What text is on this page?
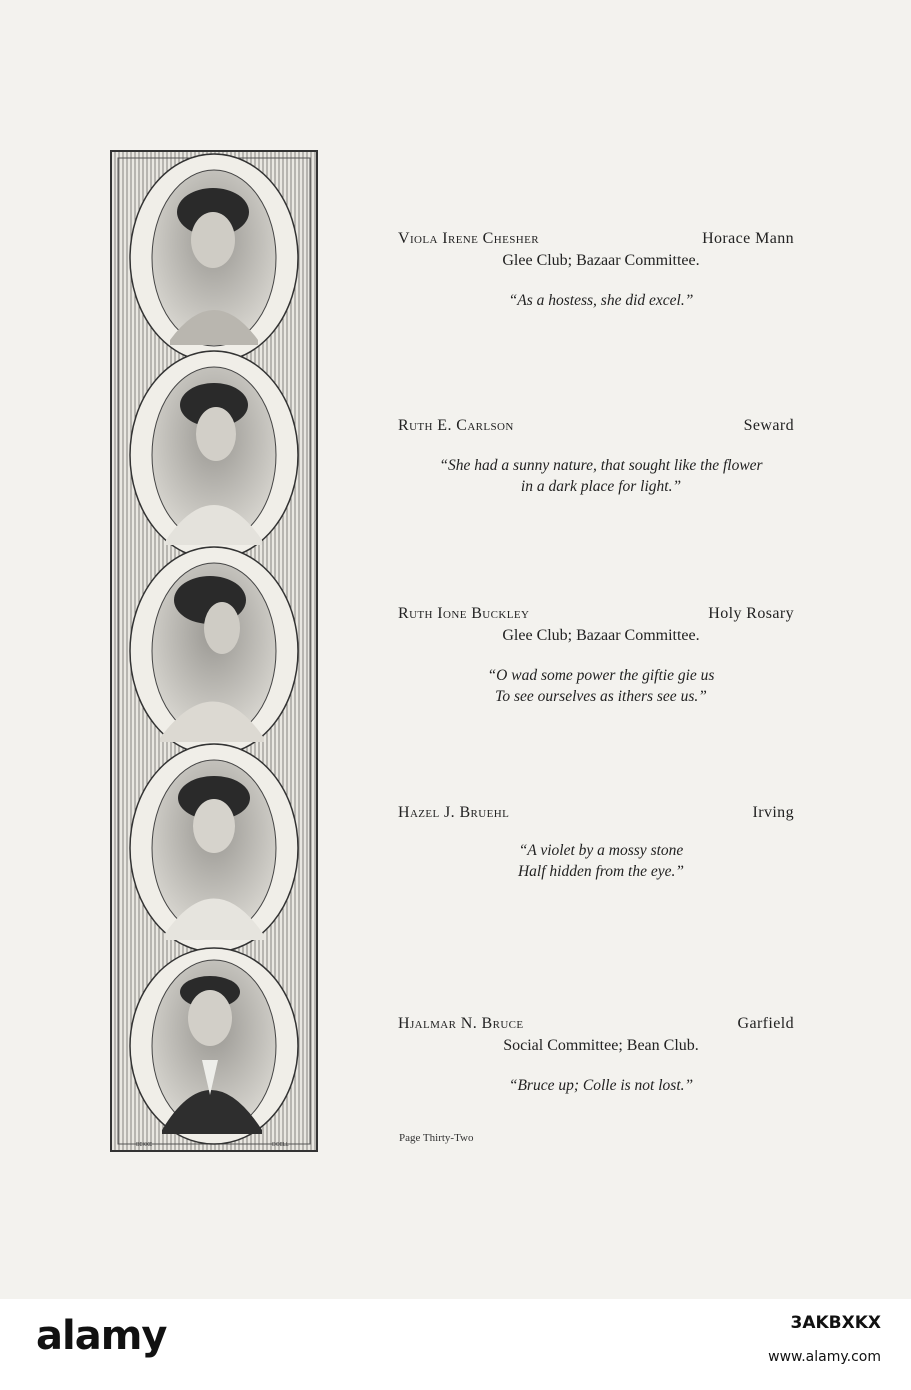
BEKKE	DOELL
Viola Irene Chesher	Horace Mann
Glee Club; Bazaar Committee.
“As a hostess, she did excel.”
Ruth E. Carlson	Seward
“She had a sunny nature, that sought like the flower
in a dark place for light.”
Ruth Ione Buckley	Holy Rosary
Glee Club; Bazaar Committee.
“O wad some power the giftie gie us
To see ourselves as ithers see us.”
Hazel J. Bruehl	Irving
“A violet by a mossy stone
Half hidden from the eye.”
Hjalmar N. Bruce	Garfield
Social Committee; Bean Club.
“Bruce up; Colle is not lost.”
Page Thirty-Two
alamy	3AKBXKX
www.alamy.com
